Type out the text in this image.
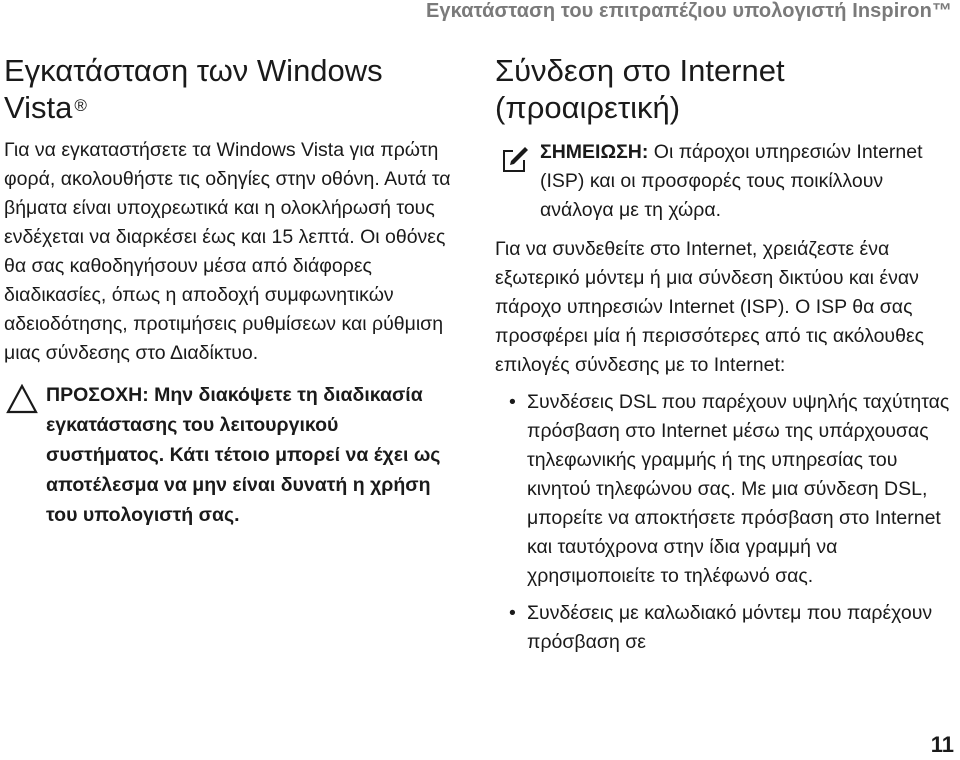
Εγκατάσταση του επιτραπέζιου υπολογιστή Inspiron™
Εγκατάσταση των Windows Vista ®

Για να εγκαταστήσετε τα Windows Vista για πρώτη φορά, ακολουθήστε τις οδηγίες στην οθόνη. Αυτά τα βήματα είναι υποχρεωτικά και η ολοκλήρωσή τους ενδέχεται να διαρκέσει έως και 15 λεπτά. Οι οθόνες θα σας καθοδηγήσουν μέσα από διάφορες διαδικασίες, όπως η αποδοχή συμφωνητικών αδειοδότησης, προτιμήσεις ρυθμίσεων και ρύθμιση μιας σύνδεσης στο Διαδίκτυο.

ΠΡΟΣΟΧΗ: Μην διακόψετε τη διαδικασία εγκατάστασης του λειτουργικού συστήματος. Κάτι τέτοιο μπορεί να έχει ως αποτέλεσμα να μην είναι δυνατή η χρήση του υπολογιστή σας.
Σύνδεση στο Internet (προαιρετική)
ΣΗΜΕΙΩΣΗ: Οι πάροχοι υπηρεσιών Internet (ISP) και οι προσφορές τους ποικίλλουν ανάλογα με τη χώρα.

Για να συνδεθείτε στο Internet, χρειάζεστε ένα εξωτερικό μόντεμ ή μια σύνδεση δικτύου και έναν πάροχο υπηρεσιών Internet (ISP). Ο ISP θα σας προσφέρει μία ή περισσότερες από τις ακόλουθες επιλογές σύνδεσης με το Internet:

• Συνδέσεις DSL που παρέχουν υψηλής ταχύτητας πρόσβαση στο Internet μέσω της υπάρχουσας τηλεφωνικής γραμμής ή της υπηρεσίας του κινητού τηλεφώνου σας. Με μια σύνδεση DSL, μπορείτε να αποκτήσετε πρόσβαση στο Internet και ταυτόχρονα στην ίδια γραμμή να χρησιμοποιείτε το τηλέφωνό σας.
• Συνδέσεις με καλωδιακό μόντεμ που παρέχουν πρόσβαση σε
11
